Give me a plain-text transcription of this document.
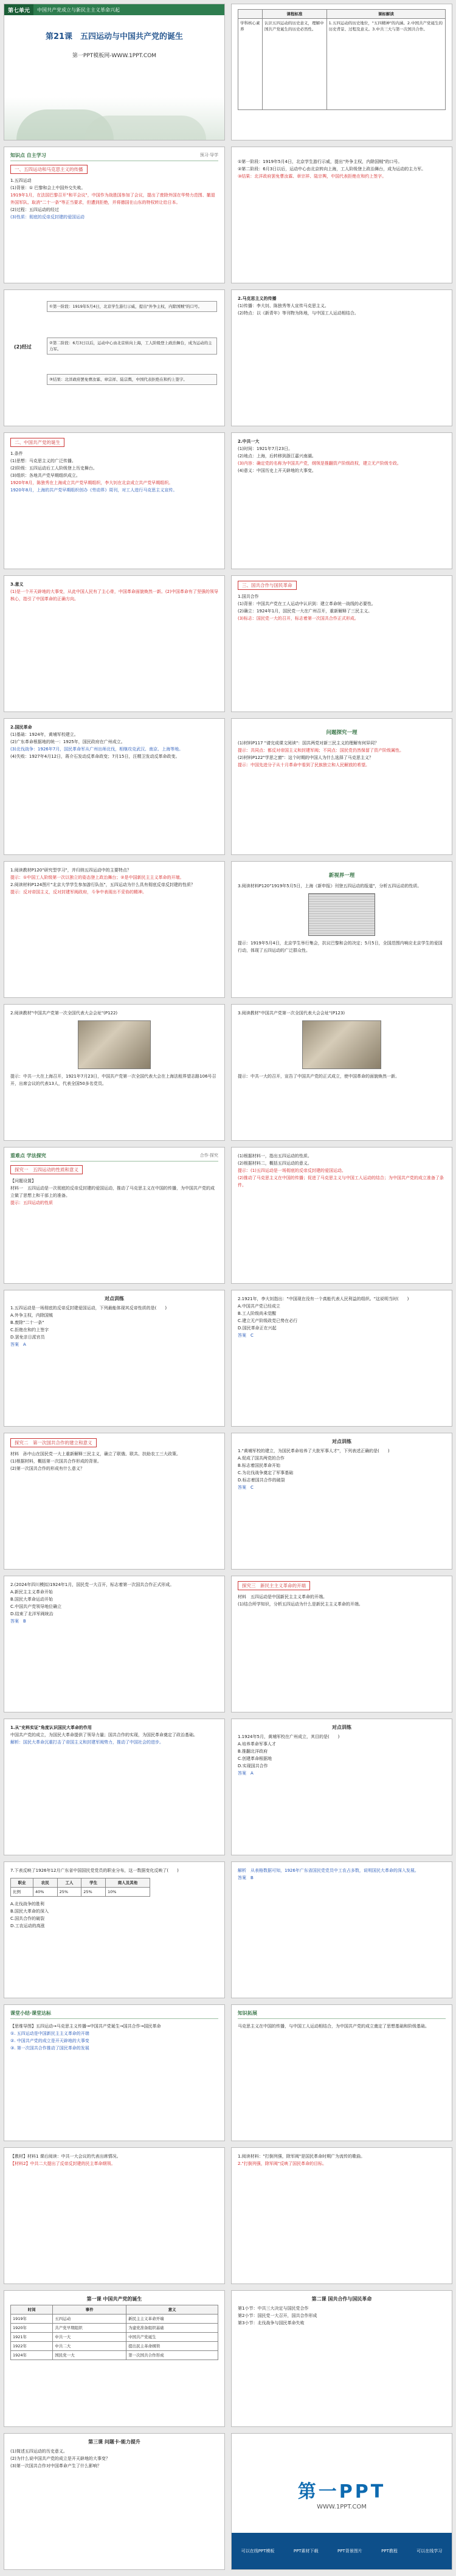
第七单元	中国共产党成立与新民主主义革命兴起
第21课　五四运动与中国共产党的诞生
第一PPT模板网-WWW.1PPT.COM
	课程标准	课标解读
学科核心素养	认识五四运动的历史意义，理解中国共产党诞生的历史必然性。	1.五四运动的历史地位，"五四精神"的内涵。2.中国共产党诞生的历史背景、过程及意义。3.中共三大与第一次国共合作。
知识点 自主学习	预习·导学
一、五四运动和马克思主义的传播
1.五四运动
(1)背景：① 巴黎和会上中国外交失败。
1919年1月，在法国巴黎召开"和平会议"，中国作为战胜国参加了会议，提出了废除外国在华势力范围、撤退外国军队、取消"二十一条"等正当要求，但遭到拒绝，并将德国在山东的特权转让给日本。
(2)过程：五四运动的经过
(3)性质：彻底的反帝反封建的爱国运动
①第一阶段：1919年5月4日，北京学生游行示威，提出"外争主权，内除国贼"的口号。
②第二阶段：6月3日以后，运动中心由北京转向上海，工人阶级登上政治舞台，成为运动的主力军。
③结果：北洋政府罢免曹汝霖、章宗祥、陆宗舆，中国代表拒绝在和约上签字。
(2)经过
①第一阶段：1919年5月4日，北京学生游行示威，提出"外争主权，内除国贼"的口号。
②第二阶段：6月3日以后，运动中心由北京转向上海，工人阶级登上政治舞台，成为运动的主力军。
③结果：北洋政府罢免曹汝霖、章宗祥、陆宗舆，中国代表拒绝在和约上签字。
2.马克思主义的传播
(1)传播：李大钊、陈独秀等人宣传马克思主义。
(2)特点：以《新青年》等刊物为阵地，与中国工人运动相结合。
二、中国共产党的诞生
1.条件
(1)思想：马克思主义的广泛传播。
(2)阶级：五四运动后工人阶级登上历史舞台。
(3)组织：各地共产党早期组织成立。
1920年8月，陈独秀在上海成立共产党早期组织，李大钊在北京成立共产党早期组织。
1920年8月，上海的共产党早期组织创办《劳动界》周刊，对工人进行马克思主义宣传。
2.中共一大
(1)时间：1921年7月23日。
(2)地点：上海，后转移到浙江嘉兴南湖。
(3)内容：确定党的名称为中国共产党，纲领是推翻资产阶级政权，建立无产阶级专政。
(4)意义：中国历史上开天辟地的大事变。
3.意义
(1)是一个开天辟地的大事变，从此中国人民有了主心骨，中国革命面貌焕然一新。(2)中国革命有了坚强的领导核心，指引了中国革命的正确方向。
三、国共合作与国民革命
1.国共合作
(1)背景：中国共产党在工人运动中认识到：建立革命统一战线的必要性。
(2)确立：1924年1月，国民党一大在广州召开，重新解释了三民主义。
(3)标志：国民党一大的召开，标志着第一次国共合作正式形成。
2.国民革命
(1)基础：1924年，黄埔军校建立。
(2)广东革命根据地的统一：1925年，国民政府在广州成立。
(3)北伐战争：1926年7月，国民革命军从广州出师北伐，相继攻克武汉、南京、上海等地。
(4)失败：1927年4月12日，蒋介石发动反革命政变；7月15日，汪精卫发动反革命政变。
问题探究一理
(1)材料P117 "请完成课文阅读"：国共两党对新三民主义的理解有何异同？
提示：共同点：都反对帝国主义和封建军阀；不同点：国民党仍然保留了资产阶级属性。
(2)材料P122"学思之窗"：这个时期的中国人为什么选择了马克思主义？
提示：中国先进分子从十月革命中看到了民族独立和人民解放的希望。
1.阅读教材P120"研究型学习"，并归纳五四运动中的主要特点？
提示：①中国工人阶级第一次以独立的姿态登上政治舞台；②是中国新民主主义革命的开端。
2.阅读材料P124图片"北京大学学生参加游行队伍"，五四运动为什么具有彻底反帝反封建的性质？
提示：反对帝国主义，反对封建军阀政府，斗争中表现出不妥协的精神。
新视界一理
3.阅读材料P120"1919年5月5日，上海《新申报》刊登五四运动的报道"，分析五四运动的性质。
提示：1919年5月4日，北京学生举行集会，抗议巴黎和会的决定；5月5日，全国范围内响应北京学生的爱国行动，体现了五四运动的广泛群众性。
2.阅读教材"中国共产党第一次全国代表大会会址"(P122)
提示：中共一大在上海召开，1921年7月23日，中国共产党第一次全国代表大会在上海法租界望志路106号召开，出席会议的代表13人，代表全国50多名党员。
3.阅读教材"中国共产党第一次全国代表大会会址"(P123)
提示：中共一大的召开，宣告了中国共产党的正式成立，使中国革命的面貌焕然一新。
重难点 学法探究	合作·探究
探究一　五四运动的性质和意义
【问题设置】
材料一　五四运动是一次彻底的反帝反封建的爱国运动，推动了马克思主义在中国的传播，为中国共产党的成立做了思想上和干部上的准备。
提示：五四运动的性质
(1)根据材料一，指出五四运动的性质。
(2)根据材料二，概括五四运动的意义。
提示：(1)五四运动是一场彻底的反帝反封建的爱国运动。
(2)推动了马克思主义在中国的传播；促进了马克思主义与中国工人运动的结合；为中国共产党的成立准备了条件。
对点训练
1.五四运动是一场彻底的反帝反封建爱国运动，下列最能体现其反帝性质的是(　　)
A.外争主权，内除国贼
B.废除"二十一条"
C.拒绝在和约上签字
D.罢免亲日派官员
答案　A
2.1921年，李大钊指出："中国现在没有一个真能代表人民利益的组织。"这说明当时(　　)
A.中国共产党已经成立
B.工人阶级尚未觉醒
C.建立无产阶级政党已势在必行
D.国民革命正在兴起
答案　C
探究二　第一次国共合作的建立和意义
材料　孙中山在国民党一大上重新解释三民主义，确立了联俄、联共、扶助农工三大政策。
(1)根据材料，概括第一次国共合作形成的背景。
(2)第一次国共合作的形成有什么意义？
对点训练
1."黄埔军校的建立，为国民革命培养了大批军事人才"，下列表述正确的是(　　)
A.促成了国共两党的合作
B.标志着国民革命开始
C.为北伐战争奠定了军事基础
D.标志着国共合作的破裂
答案　C
2.(2024年四川模拟)1924年1月，国民党一大召开，标志着第一次国共合作正式形成。
A.新民主主义革命开始
B.国民大革命运动开始
C.中国共产党领导地位确立
D.结束了北洋军阀统治
答案　B
探究三　新民主主义革命的开端
材料　五四运动是中国新民主主义革命的开端。
(1)结合所学知识，分析五四运动为什么是新民主主义革命的开端。
1.从"史料实证"角度认识国民大革命的作用
中国共产党的成立，为国民大革命提供了领导力量；国共合作的实现，为国民革命奠定了政治基础。
解析：国民大革命沉重打击了帝国主义和封建军阀势力，推动了中国社会的进步。
对点训练
1.1924年5月，黄埔军校在广州成立，其目的是(　　)
A.培养革命军事人才
B.推翻北洋政府
C.创建革命根据地
D.实现国共合作
答案　A
7.下表反映了1926年12月广东省中国国民党党员的职业分布，这一数据变化反映了(　　)
职业	农民	工人	学生	商人及其他
比例	40%	25%	25%	10%
A.北伐战争的胜利
B.国民大革命的深入
C.国共合作的破裂
D.工农运动的高涨
解析　从表格数据可知，1926年广东省国民党党员中工农占多数，说明国民大革命的深入发展。
答案　B
课堂小结·课堂达标
【思维导图】五四运动→马克思主义传播→中国共产党诞生→国共合作→国民革命
①. 五四运动是中国新民主主义革命的开端
②. 中国共产党的成立是开天辟地的大事变
③. 第一次国共合作推动了国民革命的发展
知识拓展
马克思主义在中国的传播，与中国工人运动相结合，为中国共产党的成立奠定了思想基础和阶级基础。
【教材】材料1 课后阅读：中共一大会议的代表出席情况。
【材料2】中共二大提出了反帝反封建的民主革命纲领。
1.阅读材料："打倒列强，除军阀"是国民革命时期广为流传的歌曲。
2."打倒列强，除军阀"反映了国民革命的目标。
第一课 中国共产党的诞生
时间	事件	意义
1919年	五四运动	新民主主义革命开端
1920年	共产党早期组织	为建党准备组织基础
1921年	中共一大	中国共产党诞生
1922年	中共二大	提出民主革命纲领
1924年	国民党一大	第一次国共合作形成
第二课 国共合作与国民革命
第1小节：中共三大决定与国民党合作
第2小节：国民党一大召开，国共合作形成
第3小节：北伐战争与国民革命失败
第三课 问题卡·能力提升
(1)简述五四运动的历史意义。
(2)为什么说中国共产党的成立是开天辟地的大事变？
(3)第一次国共合作对中国革命产生了什么影响？
第一PPT
WWW.1PPT.COM
可以在线PPT模板	PPT素材下载	PPT背景图片	PPT教程	可以在线学习
